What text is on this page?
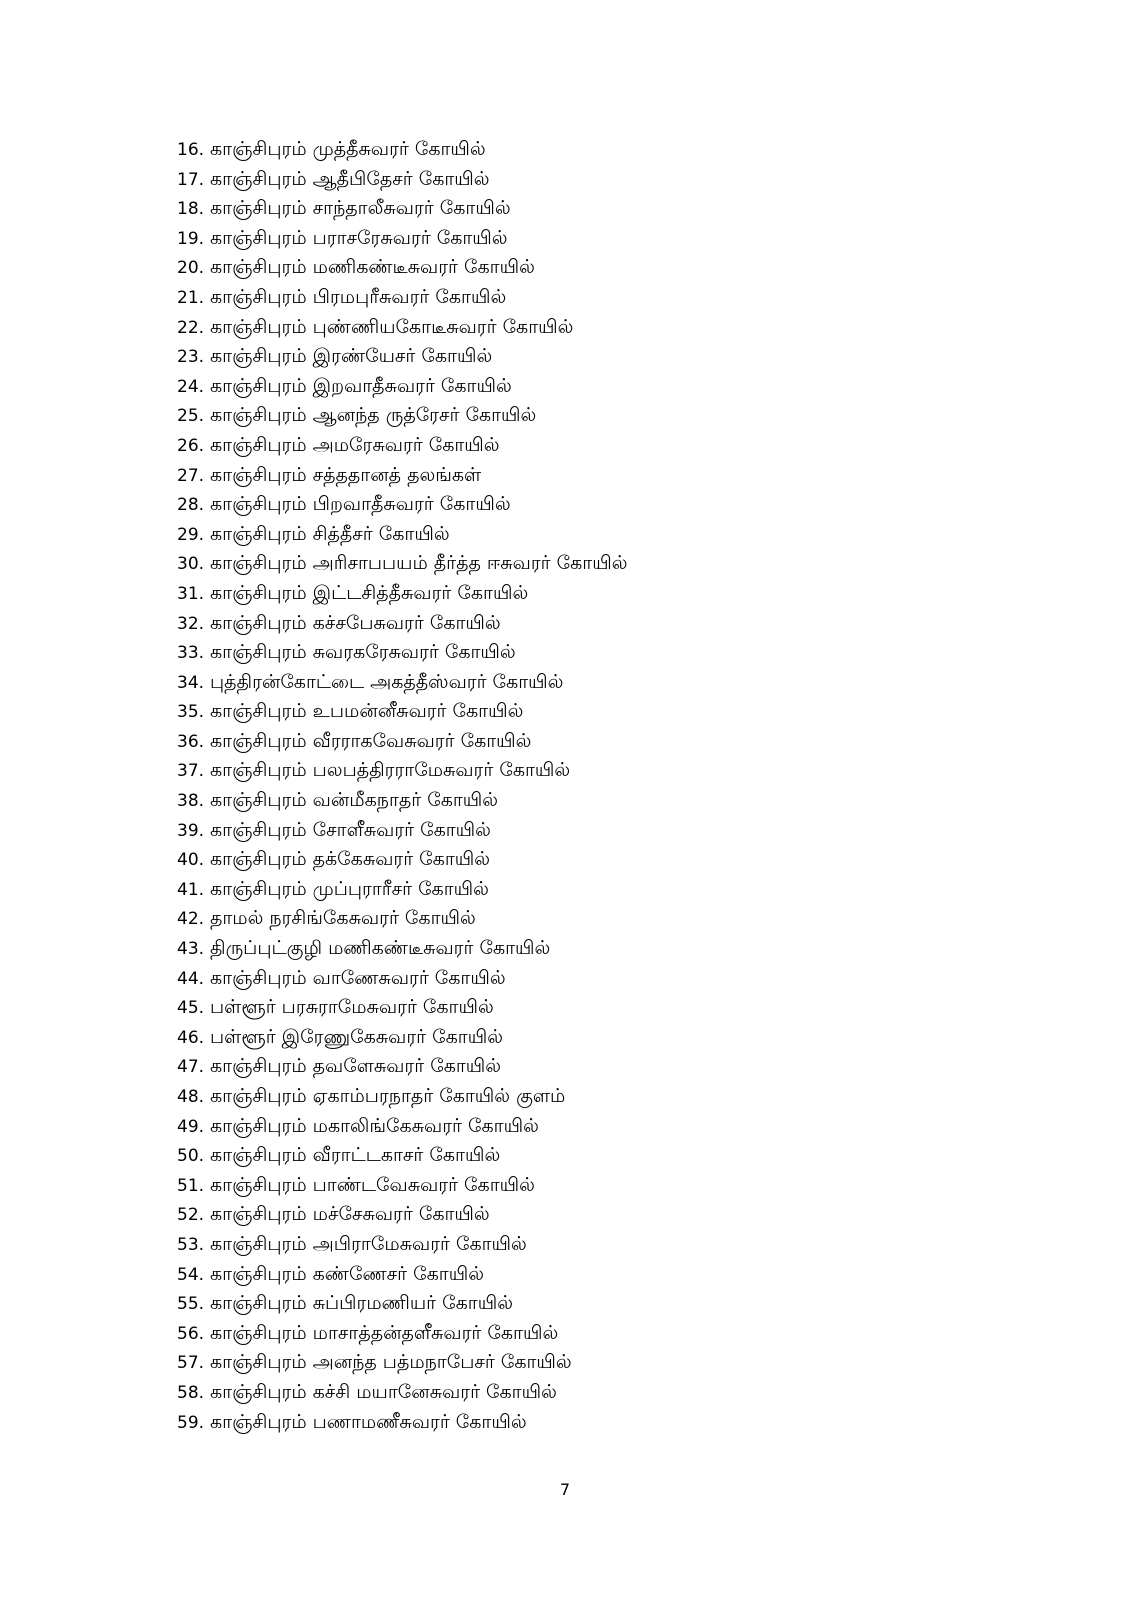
16. காஞ்சிபுரம் முத்தீசுவரர் கோயில்
17. காஞ்சிபுரம் ஆதீபிதேசர் கோயில்
18. காஞ்சிபுரம் சாந்தாலீசுவரர் கோயில்
19. காஞ்சிபுரம் பராசரேசுவரர் கோயில்
20. காஞ்சிபுரம் மணிகண்டீசுவரர் கோயில்
21. காஞ்சிபுரம் பிரமபுரீசுவரர் கோயில்
22. காஞ்சிபுரம் புண்ணியகோடீசுவரர் கோயில்
23. காஞ்சிபுரம் இரண்யேசர் கோயில்
24. காஞ்சிபுரம் இறவாதீசுவரர் கோயில்
25. காஞ்சிபுரம் ஆனந்த ருத்ரேசர் கோயில்
26. காஞ்சிபுரம் அமரேசுவரர் கோயில்
27. காஞ்சிபுரம் சத்ததானத் தலங்கள்
28. காஞ்சிபுரம் பிறவாதீசுவரர் கோயில்
29. காஞ்சிபுரம் சித்தீசர் கோயில்
30. காஞ்சிபுரம் அரிசாபபயம் தீர்த்த ஈசுவரர் கோயில்
31. காஞ்சிபுரம் இட்டசித்தீசுவரர் கோயில்
32. காஞ்சிபுரம் கச்சபேசுவரர் கோயில்
33. காஞ்சிபுரம் சுவரகரேசுவரர் கோயில்
34. புத்திரன்கோட்டை அகத்தீஸ்வரர் கோயில்
35. காஞ்சிபுரம் உபமன்னீசுவரர் கோயில்
36. காஞ்சிபுரம் வீரராகவேசுவரர் கோயில்
37. காஞ்சிபுரம் பலபத்திரராமேசுவரர் கோயில்
38. காஞ்சிபுரம் வன்மீகநாதர் கோயில்
39. காஞ்சிபுரம் சோளீசுவரர் கோயில்
40. காஞ்சிபுரம் தக்கேசுவரர் கோயில்
41. காஞ்சிபுரம் முப்புராரீசர் கோயில்
42. தாமல் நரசிங்கேசுவரர் கோயில்
43. திருப்புட்குழி மணிகண்டீசுவரர் கோயில்
44. காஞ்சிபுரம் வாணேசுவரர் கோயில்
45. பள்ளூர் பரசுராமேசுவரர் கோயில்
46. பள்ளூர் இரேணுகேசுவரர் கோயில்
47. காஞ்சிபுரம் தவளேசுவரர் கோயில்
48. காஞ்சிபுரம் ஏகாம்பரநாதர் கோயில் குளம்
49. காஞ்சிபுரம் மகாலிங்கேசுவரர் கோயில்
50. காஞ்சிபுரம் வீராட்டகாசர் கோயில்
51. காஞ்சிபுரம் பாண்டவேசுவரர் கோயில்
52. காஞ்சிபுரம் மச்சேசுவரர் கோயில்
53. காஞ்சிபுரம் அபிராமேசுவரர் கோயில்
54. காஞ்சிபுரம் கண்ணேசர் கோயில்
55. காஞ்சிபுரம் சுப்பிரமணியர் கோயில்
56. காஞ்சிபுரம் மாசாத்தன்தளீசுவரர் கோயில்
57. காஞ்சிபுரம் அனந்த பத்மநாபேசர் கோயில்
58. காஞ்சிபுரம் கச்சி மயானேசுவரர் கோயில்
59. காஞ்சிபுரம் பணாமணீசுவரர் கோயில்
7
